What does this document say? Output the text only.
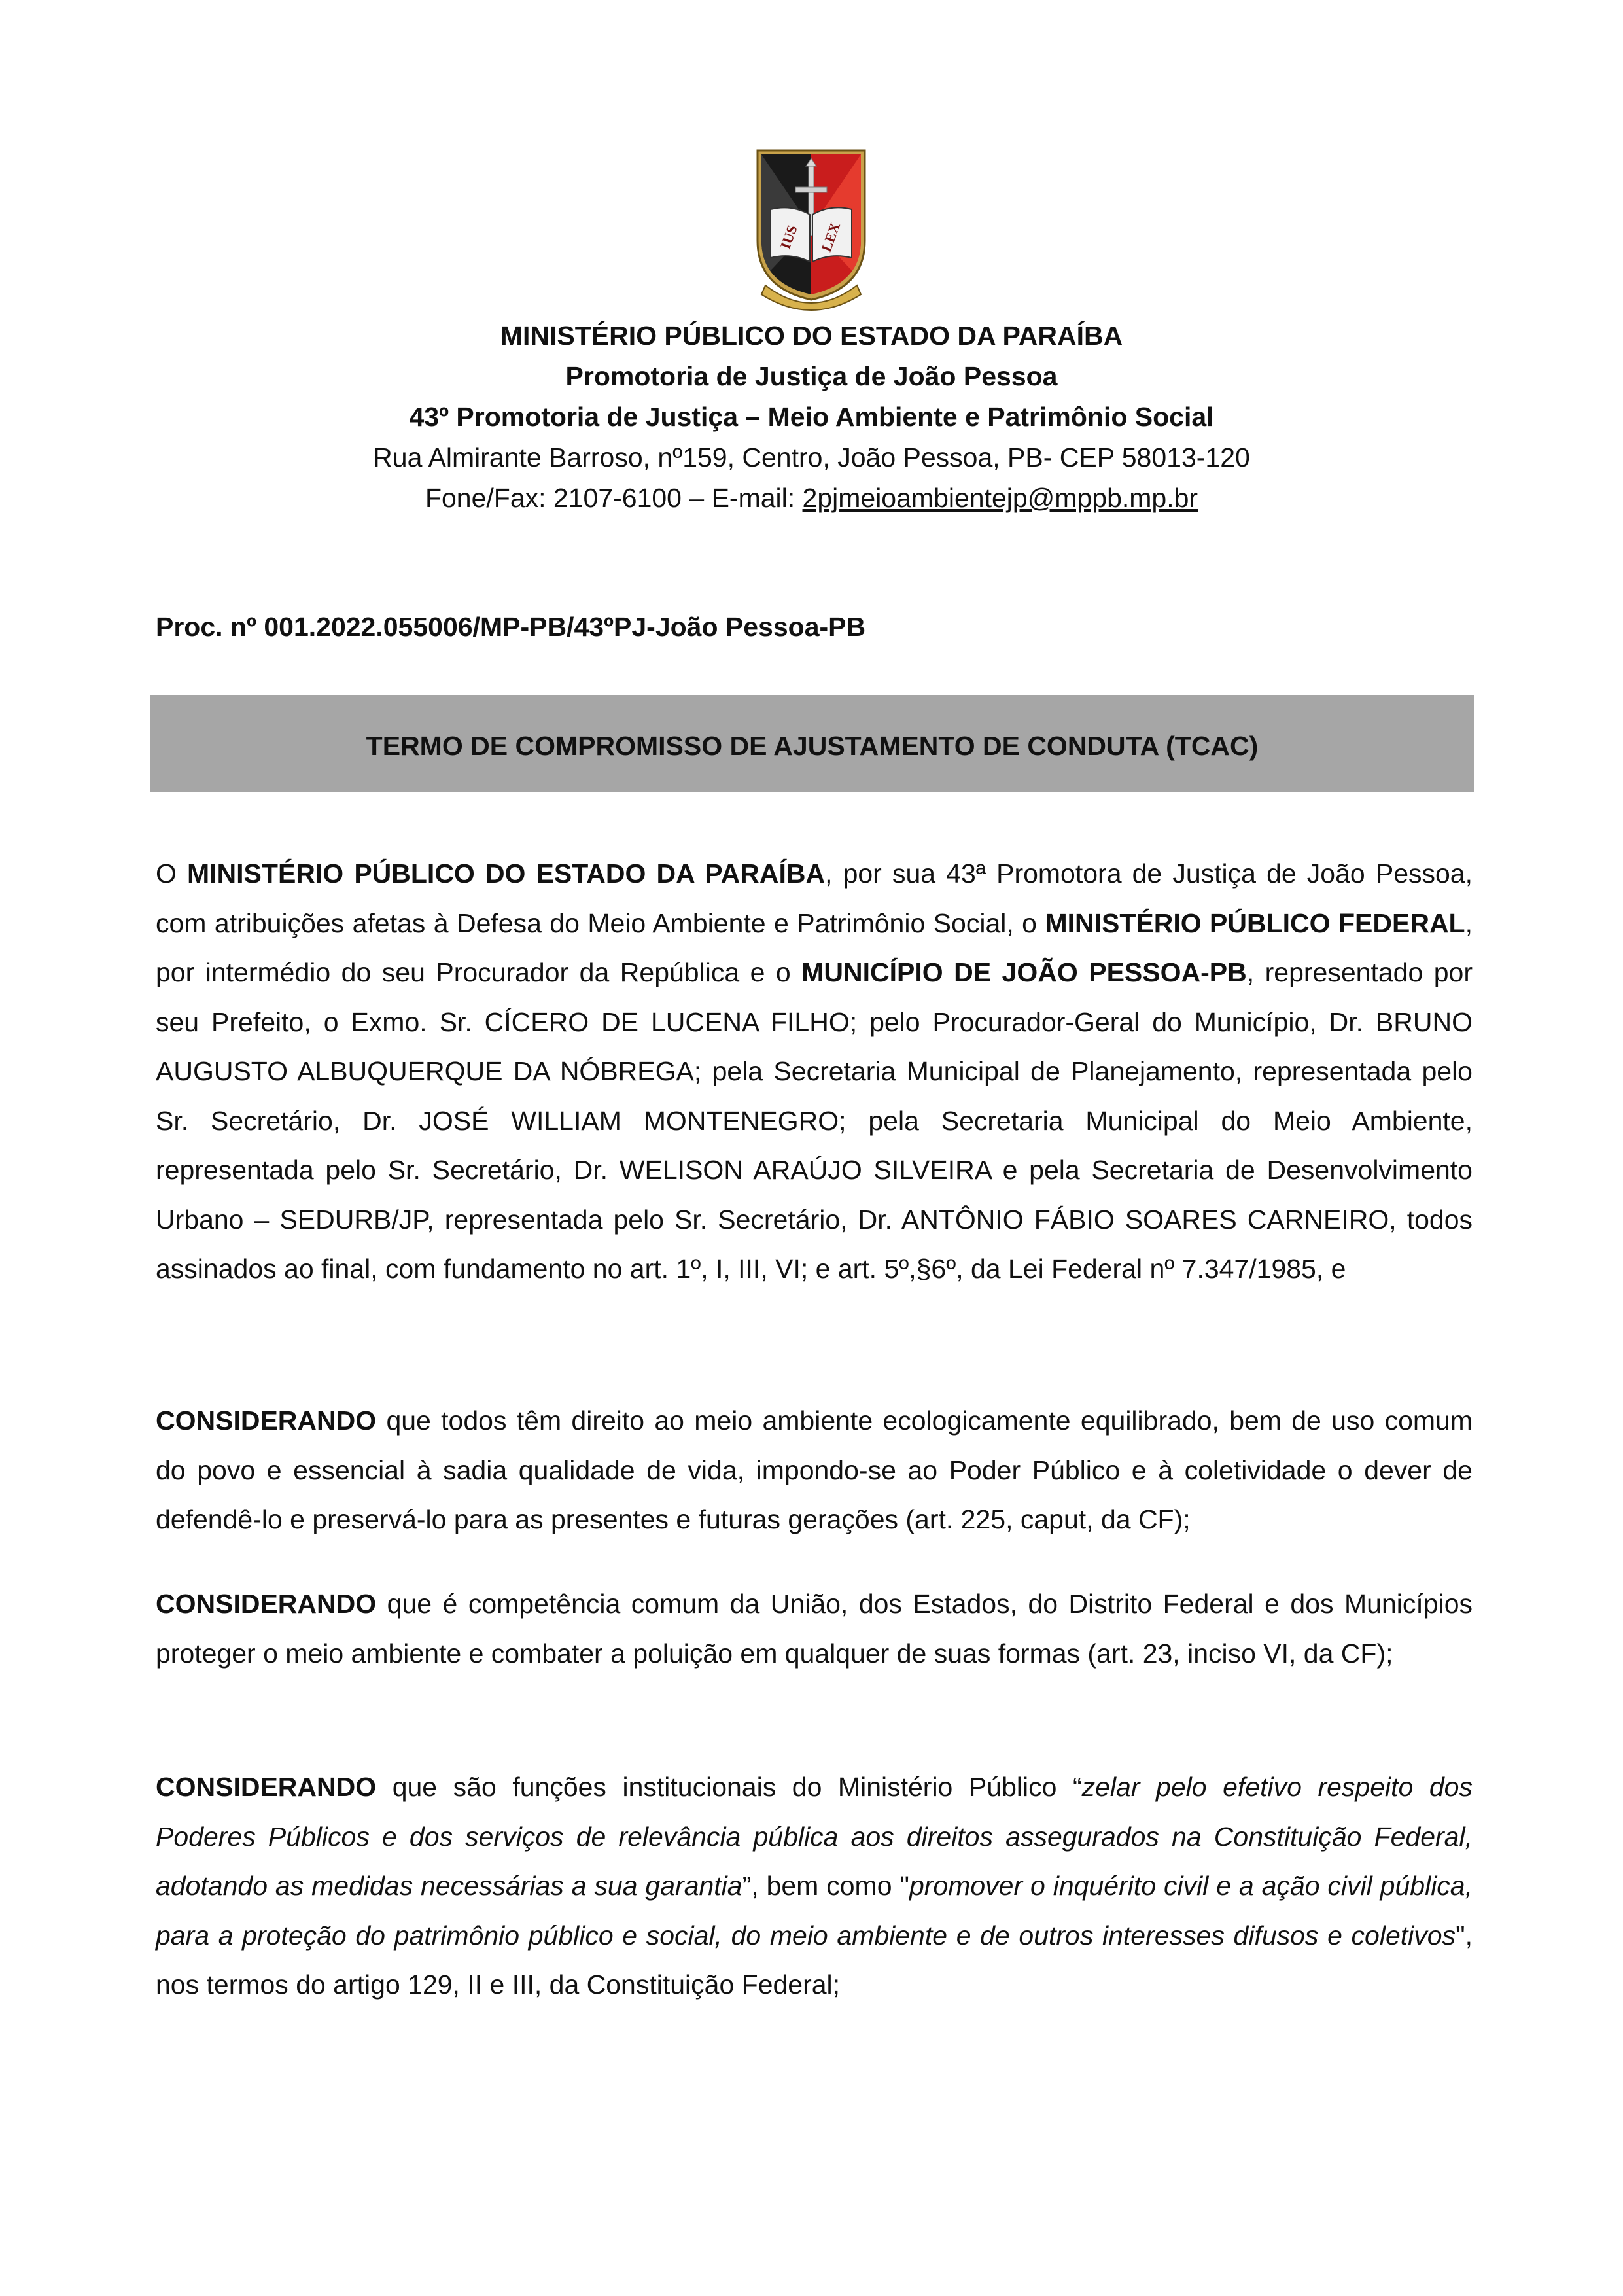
IUS LEX
MINISTÉRIO PÚBLICO DO ESTADO DA PARAÍBA
Promotoria de Justiça de João Pessoa
43º Promotoria de Justiça – Meio Ambiente e Patrimônio Social
Rua Almirante Barroso, nº159, Centro, João Pessoa, PB- CEP 58013-120
Fone/Fax: 2107-6100 – E-mail: 2pjmeioambientejp@mppb.mp.br
Proc. nº 001.2022.055006/MP-PB/43ºPJ-João Pessoa-PB
TERMO DE COMPROMISSO DE AJUSTAMENTO DE CONDUTA (TCAC)

O MINISTÉRIO PÚBLICO DO ESTADO DA PARAÍBA, por sua 43ª Promotora de Justiça de João Pessoa, com atribuições afetas à Defesa do Meio Ambiente e Patrimônio Social, o MINISTÉRIO PÚBLICO FEDERAL, por intermédio do seu Procurador da República e o MUNICÍPIO DE JOÃO PESSOA-PB, representado por seu Prefeito, o Exmo. Sr. CÍCERO DE LUCENA FILHO; pelo Procurador-Geral do Município, Dr. BRUNO AUGUSTO ALBUQUERQUE DA NÓBREGA; pela Secretaria Municipal de Planejamento, representada pelo Sr. Secretário, Dr. JOSÉ WILLIAM MONTENEGRO; pela Secretaria Municipal do Meio Ambiente, representada pelo Sr. Secretário, Dr. WELISON ARAÚJO SILVEIRA e pela Secretaria de Desenvolvimento Urbano – SEDURB/JP, representada pelo Sr. Secretário, Dr. ANTÔNIO FÁBIO SOARES CARNEIRO, todos assinados ao final, com fundamento no art. 1º, I, III, VI; e art. 5º,§6º, da Lei Federal nº 7.347/1985, e

CONSIDERANDO que todos têm direito ao meio ambiente ecologicamente equilibrado, bem de uso comum do povo e essencial à sadia qualidade de vida, impondo-se ao Poder Público e à coletividade o dever de defendê-lo e preservá-lo para as presentes e futuras gerações (art. 225, caput, da CF);

CONSIDERANDO que é competência comum da União, dos Estados, do Distrito Federal e dos Municípios proteger o meio ambiente e combater a poluição em qualquer de suas formas (art. 23, inciso VI, da CF);

CONSIDERANDO que são funções institucionais do Ministério Público “zelar pelo efetivo respeito dos Poderes Públicos e dos serviços de relevância pública aos direitos assegurados na Constituição Federal, adotando as medidas necessárias a sua garantia”, bem como "promover o inquérito civil e a ação civil pública, para a proteção do patrimônio público e social, do meio ambiente e de outros interesses difusos e coletivos", nos termos do artigo 129, II e III, da Constituição Federal;
